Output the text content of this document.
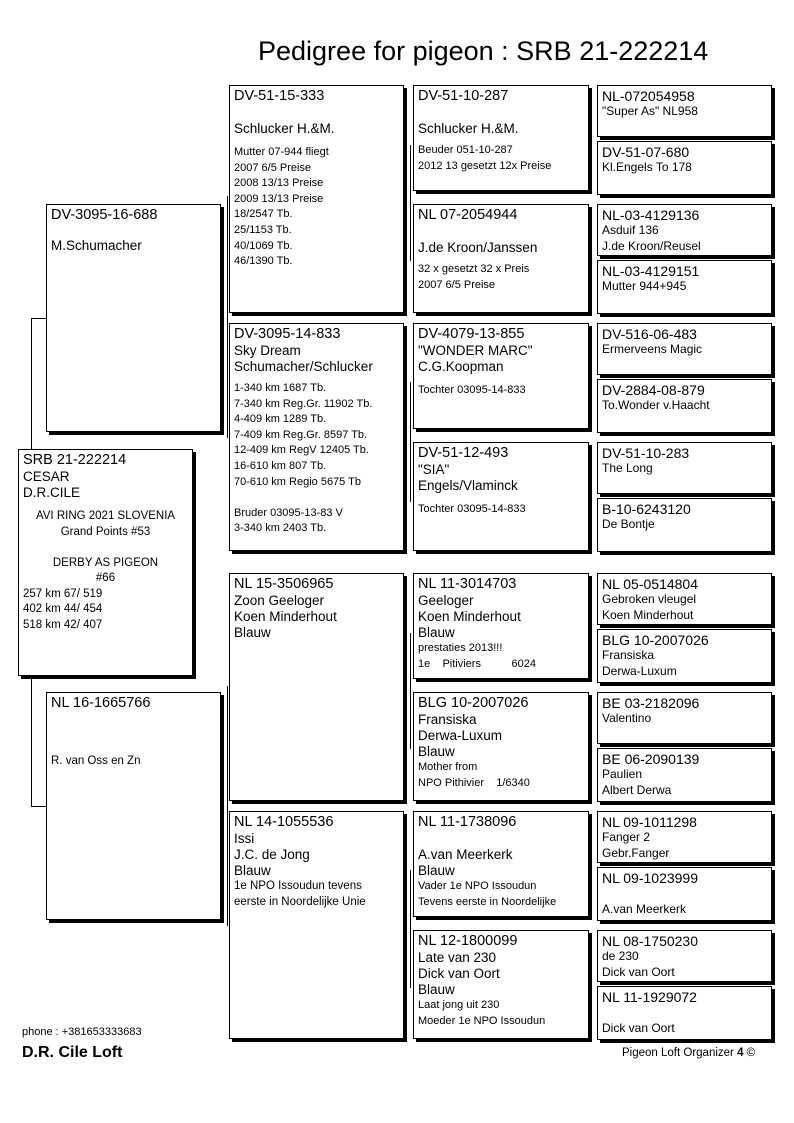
Pedigree for pigeon : SRB 21-222214
SRB 21-222214
CESAR
D.R.CILE
AVI RING 2021 SLOVENIA
Grand Points #53

DERBY AS PIGEON
#66
257 km 67/ 519
402 km 44/ 454
518 km 42/ 407
DV-3095-16-688
M.Schumacher
NL 16-1665766
R. van Oss en Zn
DV-51-15-333

Schlucker H.&M.
Mutter 07-944 fliegt
2007 6/5 Preise
2008 13/13 Preise
2009 13/13 Preise
18/2547 Tb.
25/1153 Tb.
40/1069 Tb.
46/1390 Tb.
DV-3095-14-833
Sky Dream
Schumacher/Schlucker
1-340 km 1687 Tb.
7-340 km Reg.Gr. 11902 Tb.
4-409 km 1289 Tb.
7-409 km Reg.Gr. 8597 Tb.
12-409 km RegV 12405 Tb.
16-610 km 807 Tb.
70-610 km Regio 5675 Tb

Bruder 03095-13-83 V
3-340 km 2403 Tb.
NL 15-3506965
Zoon Geeloger
Koen Minderhout
Blauw
NL 14-1055536
Issi
J.C. de Jong
Blauw
1e NPO Issoudun tevens
eerste in Noordelijke Unie
DV-51-10-287

Schlucker H.&M.
Beuder 051-10-287
2012 13 gesetzt 12x Preise
NL 07-2054944

J.de Kroon/Janssen
32 x gesetzt 32 x Preis
2007 6/5 Preise
DV-4079-13-855
"WONDER MARC"
C.G.Koopman
Tochter 03095-14-833
DV-51-12-493
"SIA"
Engels/Vlaminck
Tochter 03095-14-833
NL 11-3014703
Geeloger
Koen Minderhout
Blauw
prestaties 2013!!!
1e    Pitiviers          6024
BLG 10-2007026
Fransiska
Derwa-Luxum
Blauw
Mother from
NPO Pithivier    1/6340
NL 11-1738096

A.van Meerkerk
Blauw
Vader 1e NPO Issoudun
Tevens eerste in Noordelijke
NL 12-1800099
Late van 230
Dick van Oort
Blauw
Laat jong uit 230
Moeder 1e NPO Issoudun
NL-072054958
"Super As" NL958
DV-51-07-680
Kl.Engels To 178
NL-03-4129136
Asduif 136
J.de Kroon/Reusel
NL-03-4129151
Mutter 944+945
DV-516-06-483
Ermerveens Magic
DV-2884-08-879
To.Wonder v.Haacht
DV-51-10-283
The Long
B-10-6243120
De Bontje
NL 05-0514804
Gebroken vleugel
Koen Minderhout
BLG 10-2007026
Fransiska
Derwa-Luxum
BE 03-2182096
Valentino
BE 06-2090139
Paulien
Albert Derwa
NL 09-1011298
Fanger 2
Gebr.Fanger
NL 09-1023999

A.van Meerkerk
NL 08-1750230
de 230
Dick van Oort
NL 11-1929072

Dick van Oort
phone : +381653333683
D.R. Cile Loft	Pigeon Loft Organizer 4 ©
